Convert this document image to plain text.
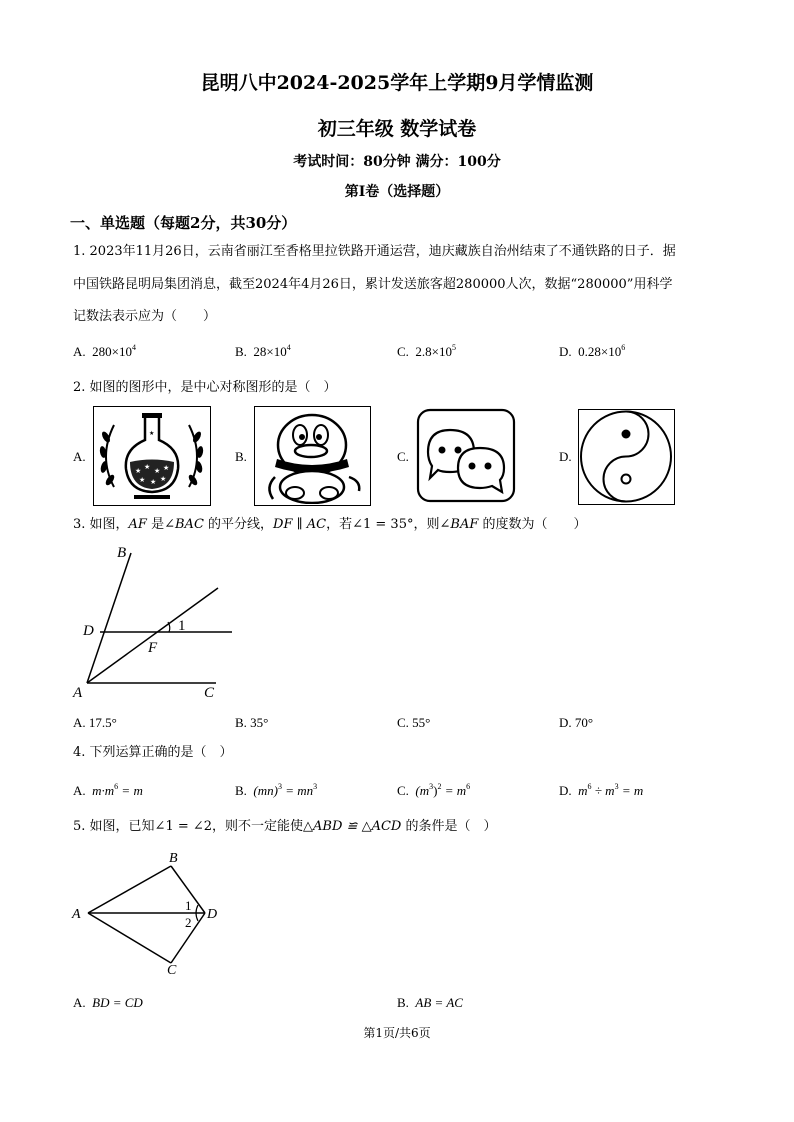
昆明八中2024-2025学年上学期9月学情监测
初三年级 数学试卷
考试时间：80分钟 满分：100分
第Ⅰ卷（选择题）
一、单选题（每题2分，共30分）
1. 2023年11月26日，云南省丽江至香格里拉铁路开通运营，迪庆藏族自治州结束了不通铁路的日子．据
中国铁路昆明局集团消息，截至2024年4月26日，累计发送旅客超280000人次，数据“280000”用科学
记数法表示应为（　　）
A. $280\times 10^4$	B. $28\times 10^4$	C. $2.8\times 10^5$	D. $0.28\times 10^6$
2. 如图的图形中，是中心对称图形的是（　）
A.
★ ★ ★ ★
★ ★ ★
★
B.	C.	D.
3. 如图，AF 是∠BAC 的平分线，DF ∥ AC，若∠1 = 35°，则∠BAF 的度数为（　　）
B
D
F
1
A	C
A. 17.5°	B. 35°	C. 55°	D. 70°
4. 下列运算正确的是（　）
A. $m\cdot m^6 = m$	B. $(mn)^3 = mn^3$	C. $(m^3)^2 = m^6$	D. $m^6 \div m^3 = m$
5. 如图，已知∠1 = ∠2，则不一定能使△ABD ≌ △ACD 的条件是（　）
B
A	D
C
1
2
A. BD = CD	B. AB = AC
第1页/共6页
